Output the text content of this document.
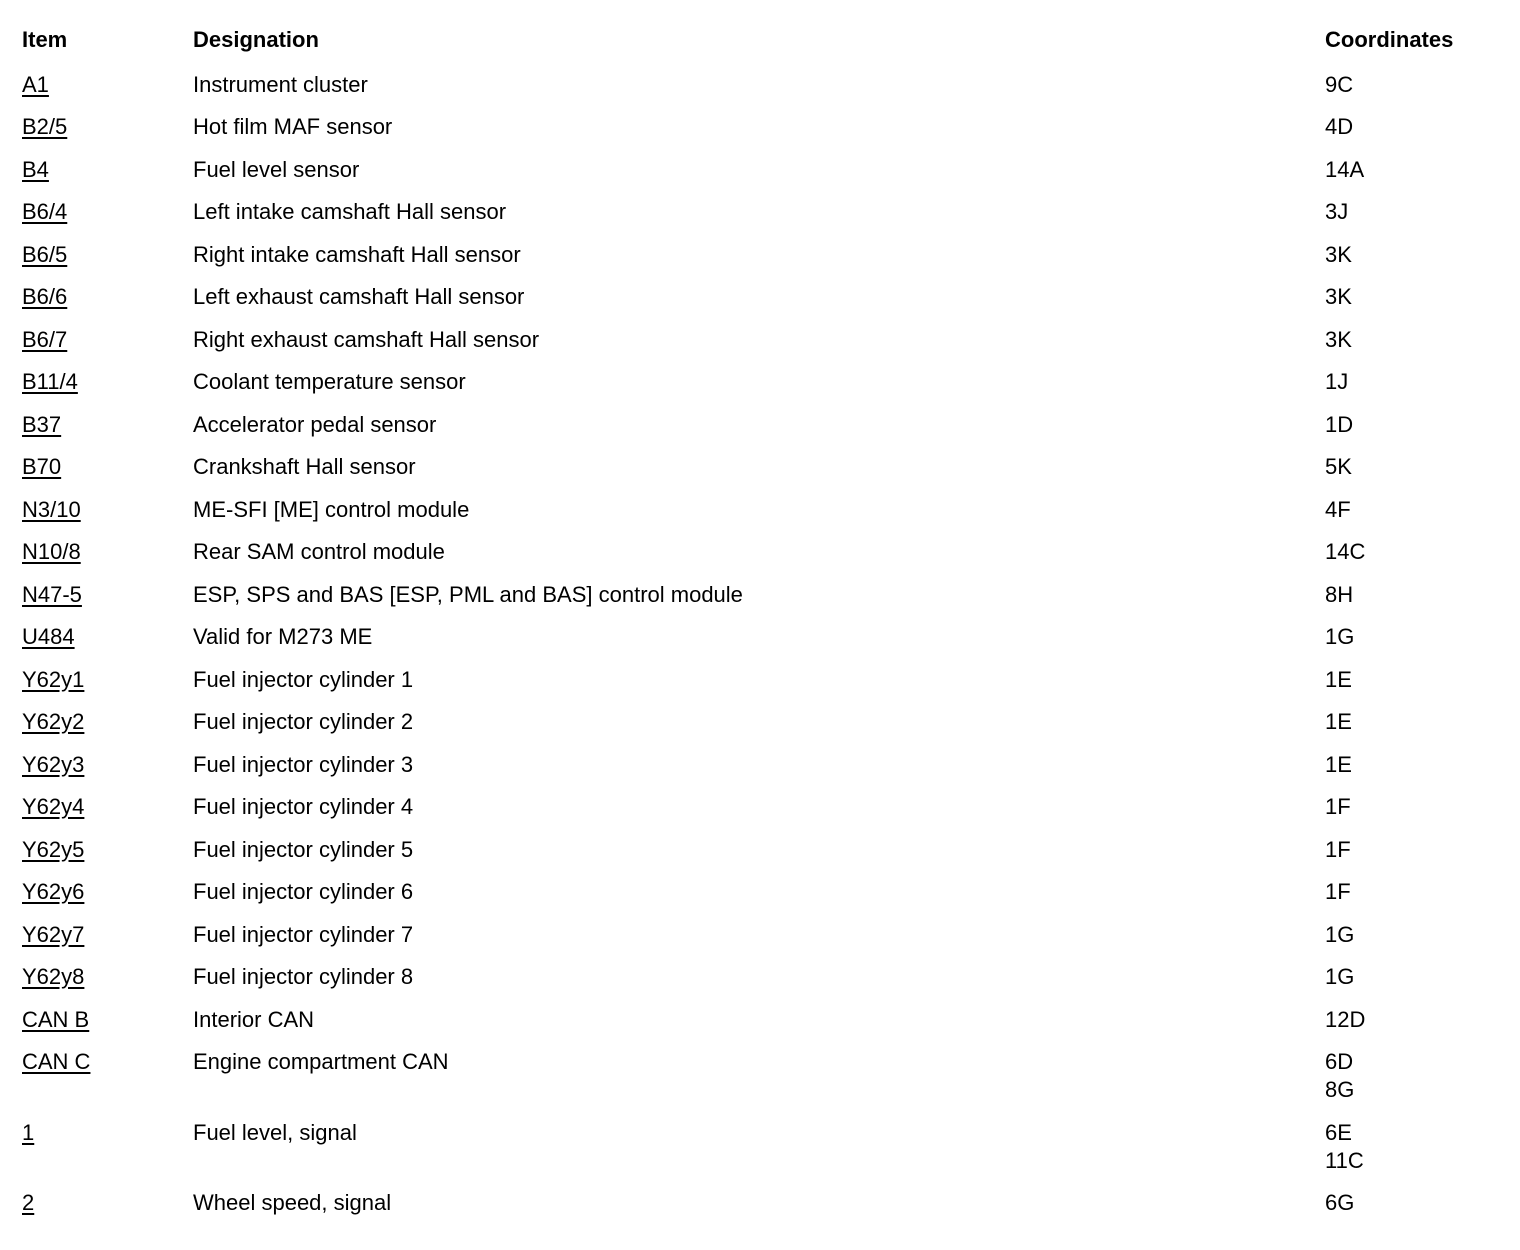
Item	Designation	Coordinates
A1	Instrument cluster	9C
B2/5	Hot film MAF sensor	4D
B4	Fuel level sensor	14A
B6/4	Left intake camshaft Hall sensor	3J
B6/5	Right intake camshaft Hall sensor	3K
B6/6	Left exhaust camshaft Hall sensor	3K
B6/7	Right exhaust camshaft Hall sensor	3K
B11/4	Coolant temperature sensor	1J
B37	Accelerator pedal sensor	1D
B70	Crankshaft Hall sensor	5K
N3/10	ME-SFI [ME] control module	4F
N10/8	Rear SAM control module	14C
N47-5	ESP, SPS and BAS [ESP, PML and BAS] control module	8H
U484	Valid for M273 ME	1G
Y62y1	Fuel injector cylinder 1	1E
Y62y2	Fuel injector cylinder 2	1E
Y62y3	Fuel injector cylinder 3	1E
Y62y4	Fuel injector cylinder 4	1F
Y62y5	Fuel injector cylinder 5	1F
Y62y6	Fuel injector cylinder 6	1F
Y62y7	Fuel injector cylinder 7	1G
Y62y8	Fuel injector cylinder 8	1G
CAN B	Interior CAN	12D
CAN C	Engine compartment CAN	6D
8G
1	Fuel level, signal	6E
11C
2	Wheel speed, signal	6G
